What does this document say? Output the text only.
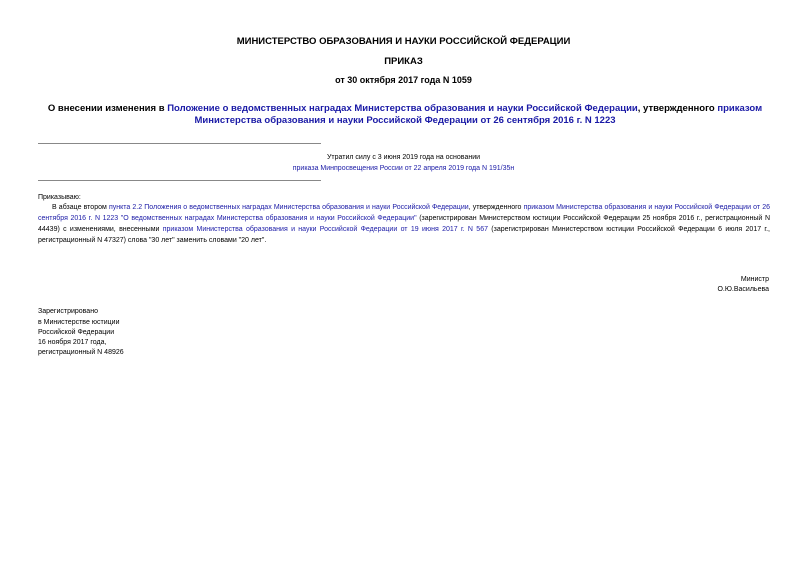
МИНИСТЕРСТВО ОБРАЗОВАНИЯ И НАУКИ РОССИЙСКОЙ ФЕДЕРАЦИИ
ПРИКАЗ
от 30 октября 2017 года N 1059
О внесении изменения в Положение о ведомственных наградах Министерства образования и науки Российской Федерации, утвержденного приказом Министерства образования и науки Российской Федерации от 26 сентября 2016 г. N 1223
Утратил силу с 3 июня 2019 года на основании
приказа Минпросвещения России от 22 апреля 2019 года N 191/35н
Приказываю:
В абзаце втором пункта 2.2 Положения о ведомственных наградах Министерства образования и науки Российской Федерации, утвержденного приказом Министерства образования и науки Российской Федерации от 26 сентября 2016 г. N 1223 "О ведомственных наградах Министерства образования и науки Российской Федерации" (зарегистрирован Министерством юстиции Российской Федерации 25 ноября 2016 г., регистрационный N 44439) с изменениями, внесенными приказом Министерства образования и науки Российской Федерации от 19 июня 2017 г. N 567 (зарегистрирован Министерством юстиции Российской Федерации 6 июля 2017 г., регистрационный N 47327) слова "30 лет" заменить словами "20 лет".
Министр
О.Ю.Васильева
Зарегистрировано
в Министерстве юстиции
Российской Федерации
16 ноября 2017 года,
регистрационный N 48926
